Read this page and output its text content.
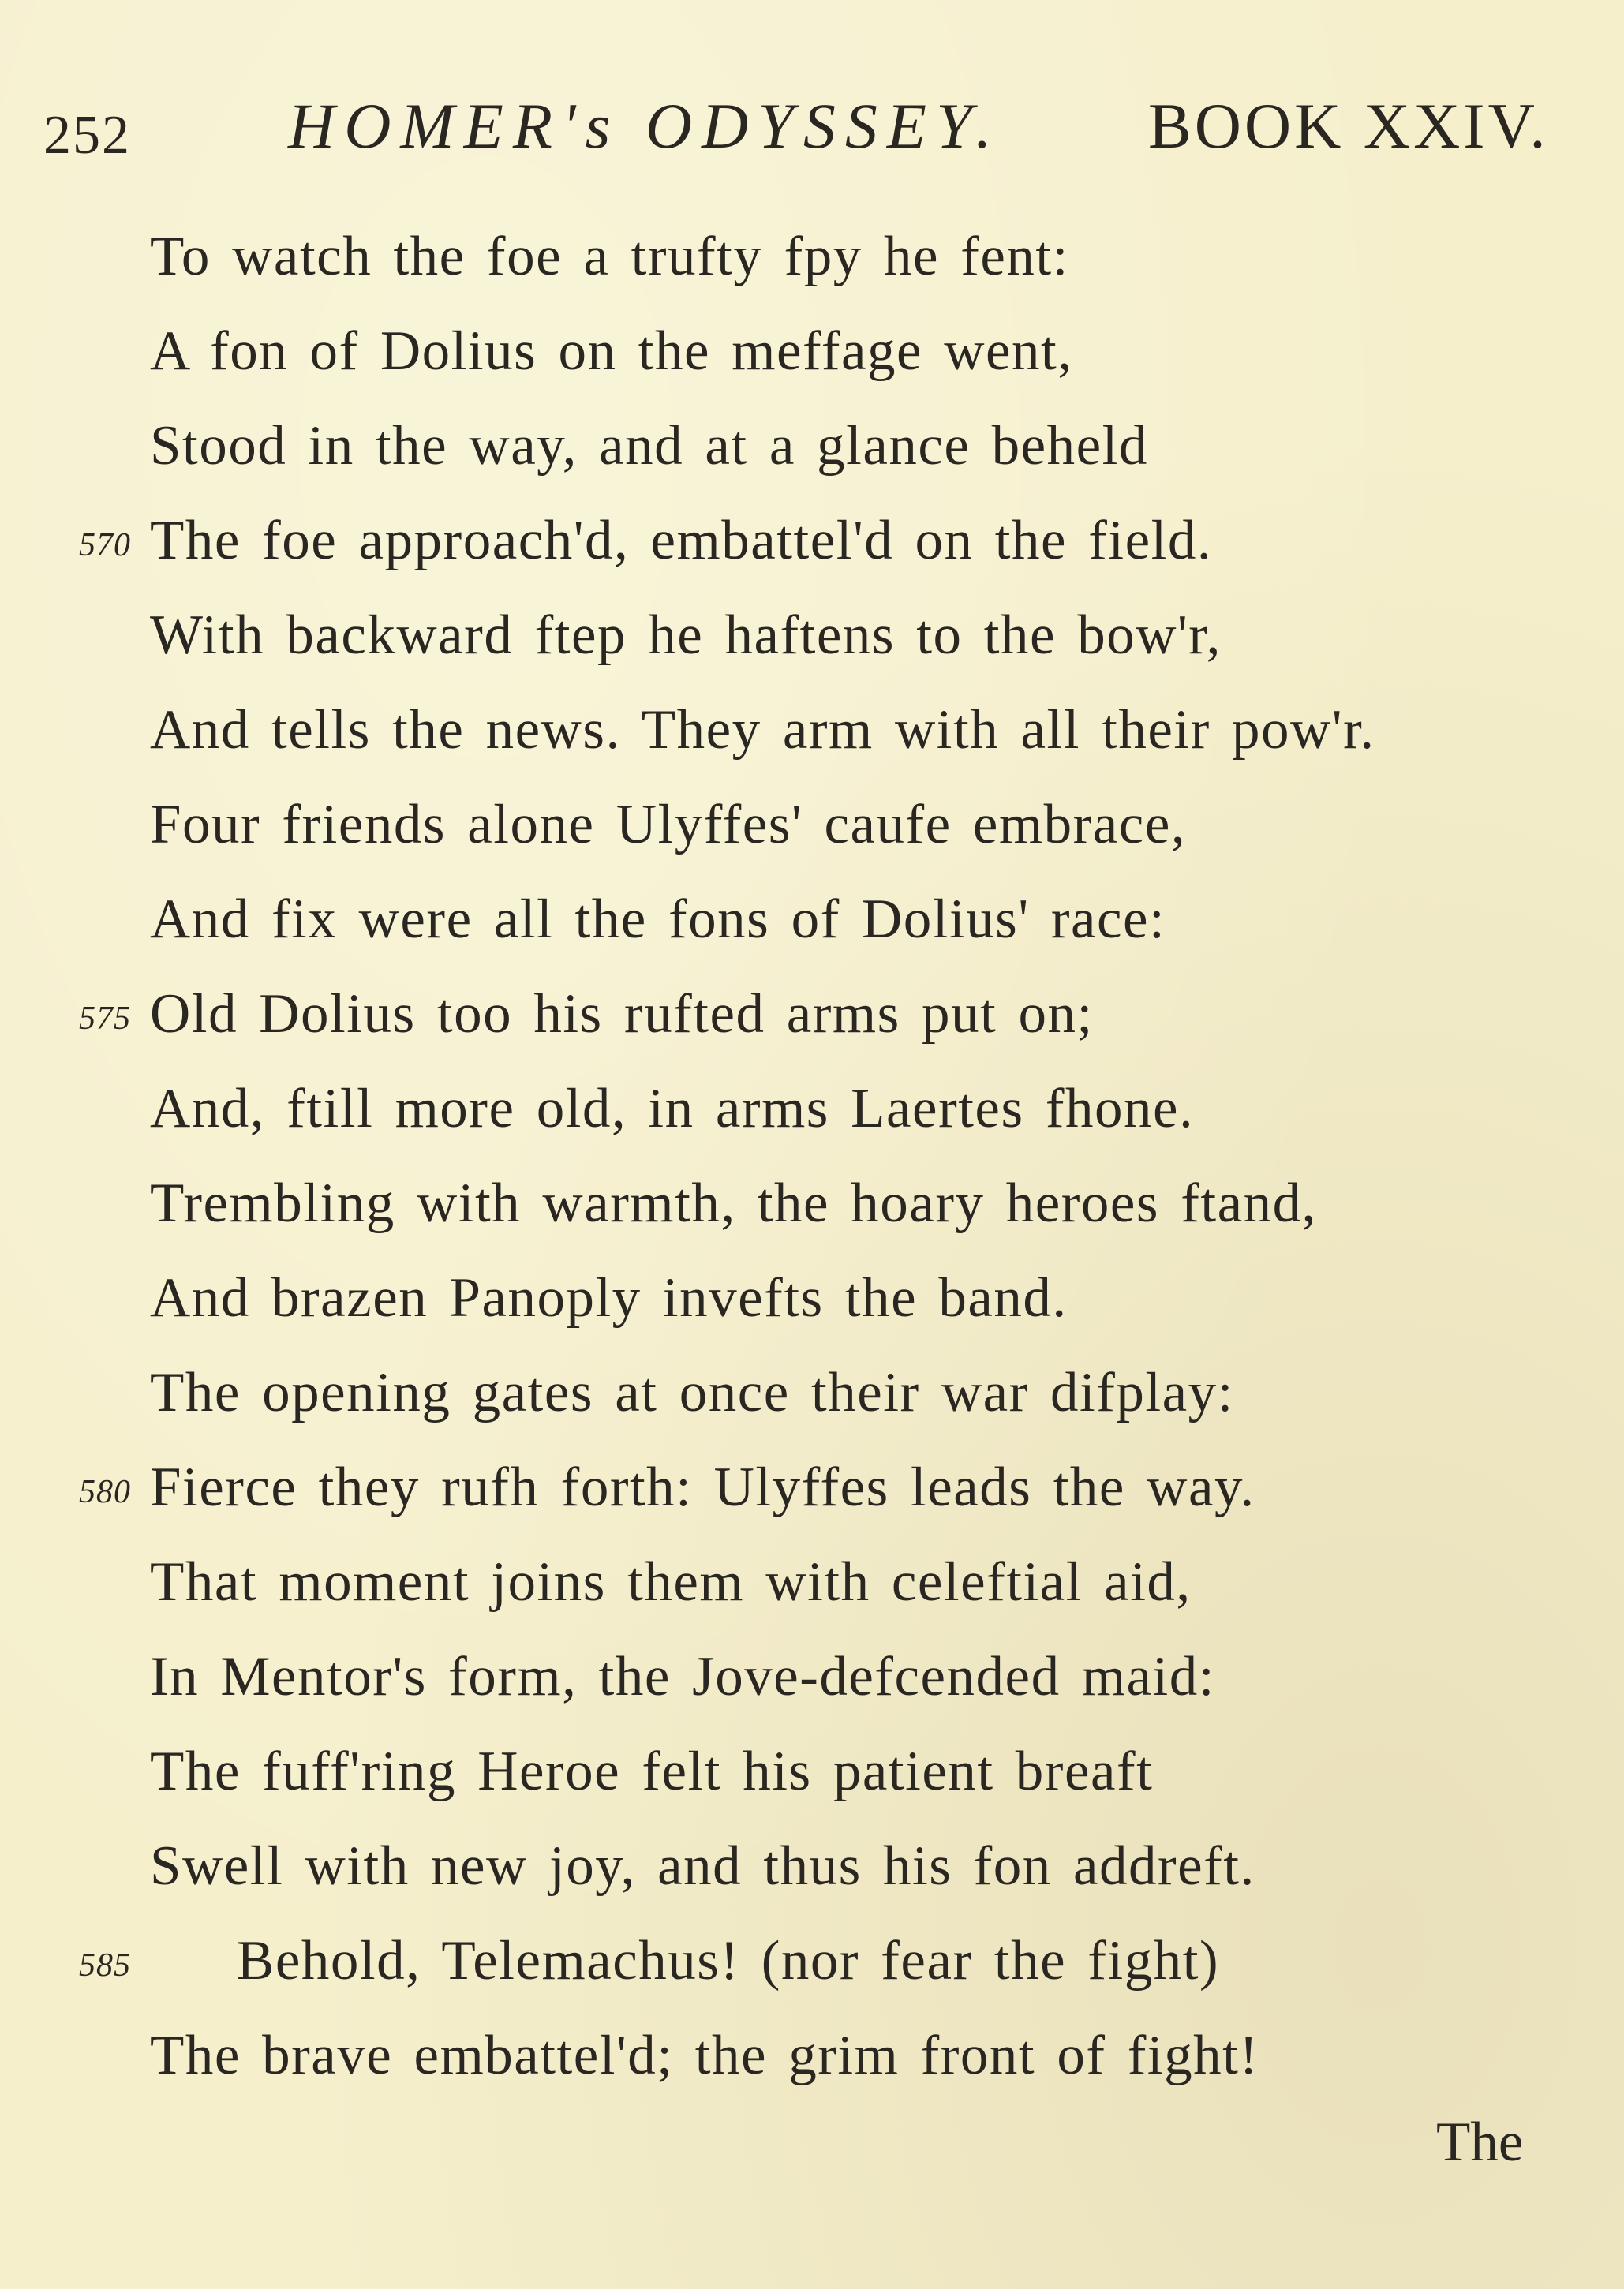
252 HOMER's ODYSSEY. BOOK XXIV.
To watch the foe a trufty fpy he fent:
A fon of Dolius on the meffage went,
Stood in the way, and at a glance beheld
570 The foe approach'd, embattel'd on the field.
With backward ftep he haftens to the bow'r,
And tells the news. They arm with all their pow'r.
Four friends alone Ulyffes' caufe embrace,
And fix were all the fons of Dolius' race:
575 Old Dolius too his rufted arms put on;
And, ftill more old, in arms Laertes fhone.
Trembling with warmth, the hoary heroes ftand,
And brazen Panoply invefts the band.
The opening gates at once their war difplay:
580 Fierce they rufh forth: Ulyffes leads the way.
That moment joins them with celeftial aid,
In Mentor's form, the Jove-defcended maid:
The fuff'ring Heroe felt his patient breaft
Swell with new joy, and thus his fon addreft.
585 Behold, Telemachus! (nor fear the fight)
The brave embattel'd; the grim front of fight!
The
